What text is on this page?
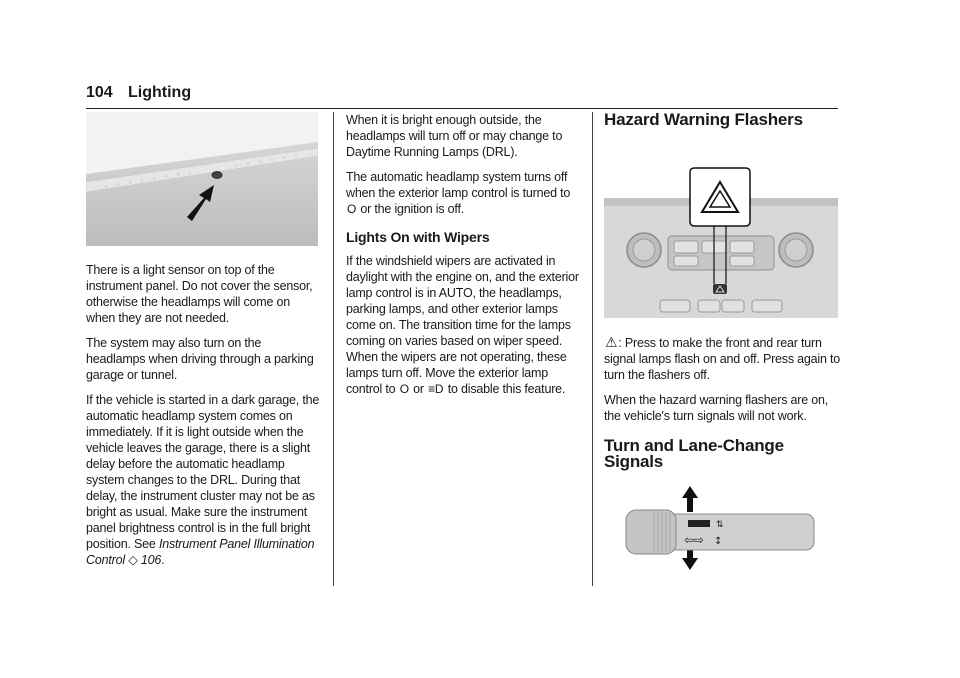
104 Lighting

There is a light sensor on top of the instrument panel. Do not cover the sensor, otherwise the headlamps will come on when they are not needed.

The system may also turn on the headlamps when driving through a parking garage or tunnel.

If the vehicle is started in a dark garage, the automatic headlamp system comes on immediately. If it is light outside when the vehicle leaves the garage, there is a slight delay before the automatic headlamp system changes to the DRL. During that delay, the instrument cluster may not be as bright as usual. Make sure the instrument panel brightness control is in the full bright position. See Instrument Panel Illumination Control ◇ 106.

When it is bright enough outside, the headlamps will turn off or may change to Daytime Running Lamps (DRL).

The automatic headlamp system turns off when the exterior lamp control is turned to
O or the ignition is off.

Lights On with Wipers

If the windshield wipers are activated in daylight with the engine on, and the exterior lamp control is in AUTO, the headlamps, parking lamps, and other exterior lamps come on. The transition time for the lamps coming on varies based on wiper speed. When the wipers are not operating, these lamps turn off. Move the exterior lamp control to O or ≡D to disable this feature.

Hazard Warning Flashers

⚠: Press to make the front and rear turn signal lamps flash on and off. Press again to turn the flashers off.

When the hazard warning flashers are on, the vehicle's turn signals will not work.

Turn and Lane-Change Signals
⇅
⇦⇨ ↕
